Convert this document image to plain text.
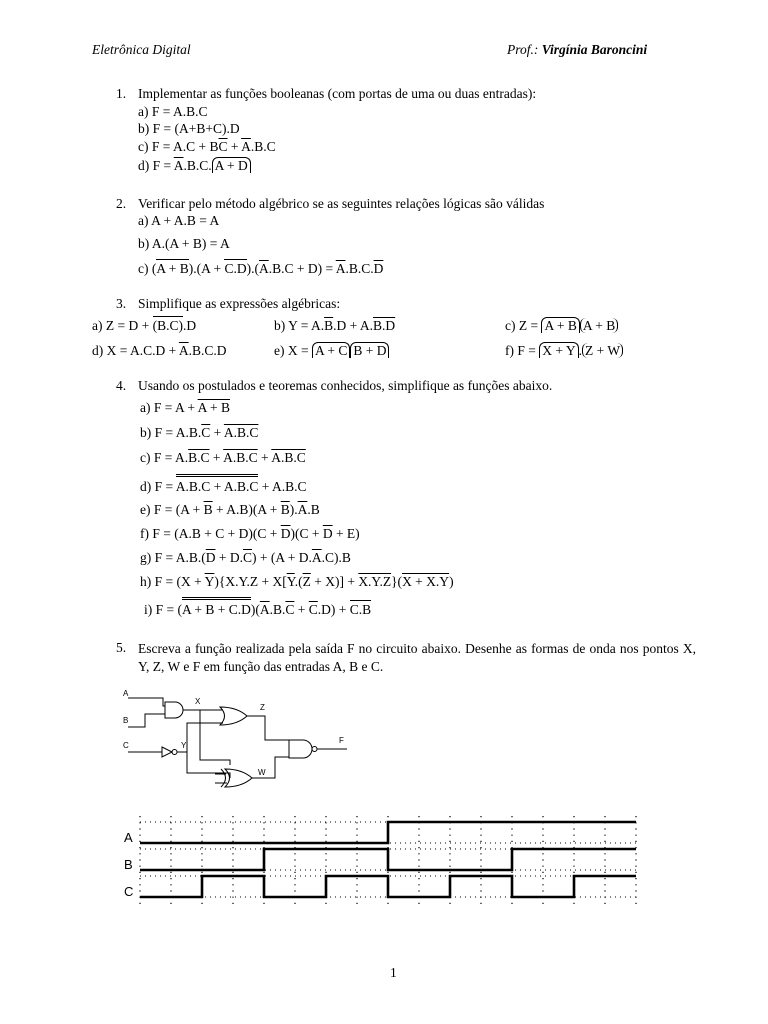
Eletrônica Digital	Prof.: Virgínia Baroncini
1. Implementar as funções booleanas (com portas de uma ou duas entradas):
a) F = A.B.C
b) F = (A+B+C).D
c) $F = A.C + B\overline{C} + \overline{A}.B.C$
d) $F = \overline{A}.B.C$. A + D
2. Verificar pelo método algébrico se as seguintes relações lógicas são válidas
a) A + A.B = A
b) A.(A + B) = A
c) $(A + B).(A + C.D).(\overline{A}.B.C + D) = \overline{A}.B.C.\overline{D}$
3. Simplifique as expressões algébricas:
a) Z = D + (B.C).D	b) $Y = A.\overline{B}.D + A.B.D$	c) Z = A + B A + B
d) $X = A.C.D + \overline{A}.B.C.D$	e) X = A + C B + D	f) F = X + Y . Z + W
4. Usando os postulados e teoremas conhecidos, simplifique as funções abaixo.
a) F = A + A + B
b) $F = A.B.\overline{C} + A.B.C$
c) F = A.B.C + A.B.C + A.B.C
d) F = A.B.C + A.B.C + A.B.C
e) $F = (A + \overline{B} + A.B)(A + \overline{B}).\overline{A}.B$
f) $F = (A.B + C + D)(C + \overline{D})(C + \overline{D} + E)$
g) $F = A.B.(\overline{D} + D.\overline{C}) + (A + D.\overline{A}.C).B$
h) $F = (X + \overline{Y})\{X.Y.Z + X[\overline{Y}.(\overline{Z} + X)] + X.Y.Z\}(X + X.Y)$
i) $F = (A + B + C.D)(\overline{A}.B.\overline{C} + \overline{C}.D) + C.B$
5. Escreva a função realizada pela saída F no circuito abaixo. Desenhe as formas de onda nos pontos X, Y, Z, W e F em função das entradas A, B e C.
A
B
C
X
Y
Z
W
F
A
B
C
1
